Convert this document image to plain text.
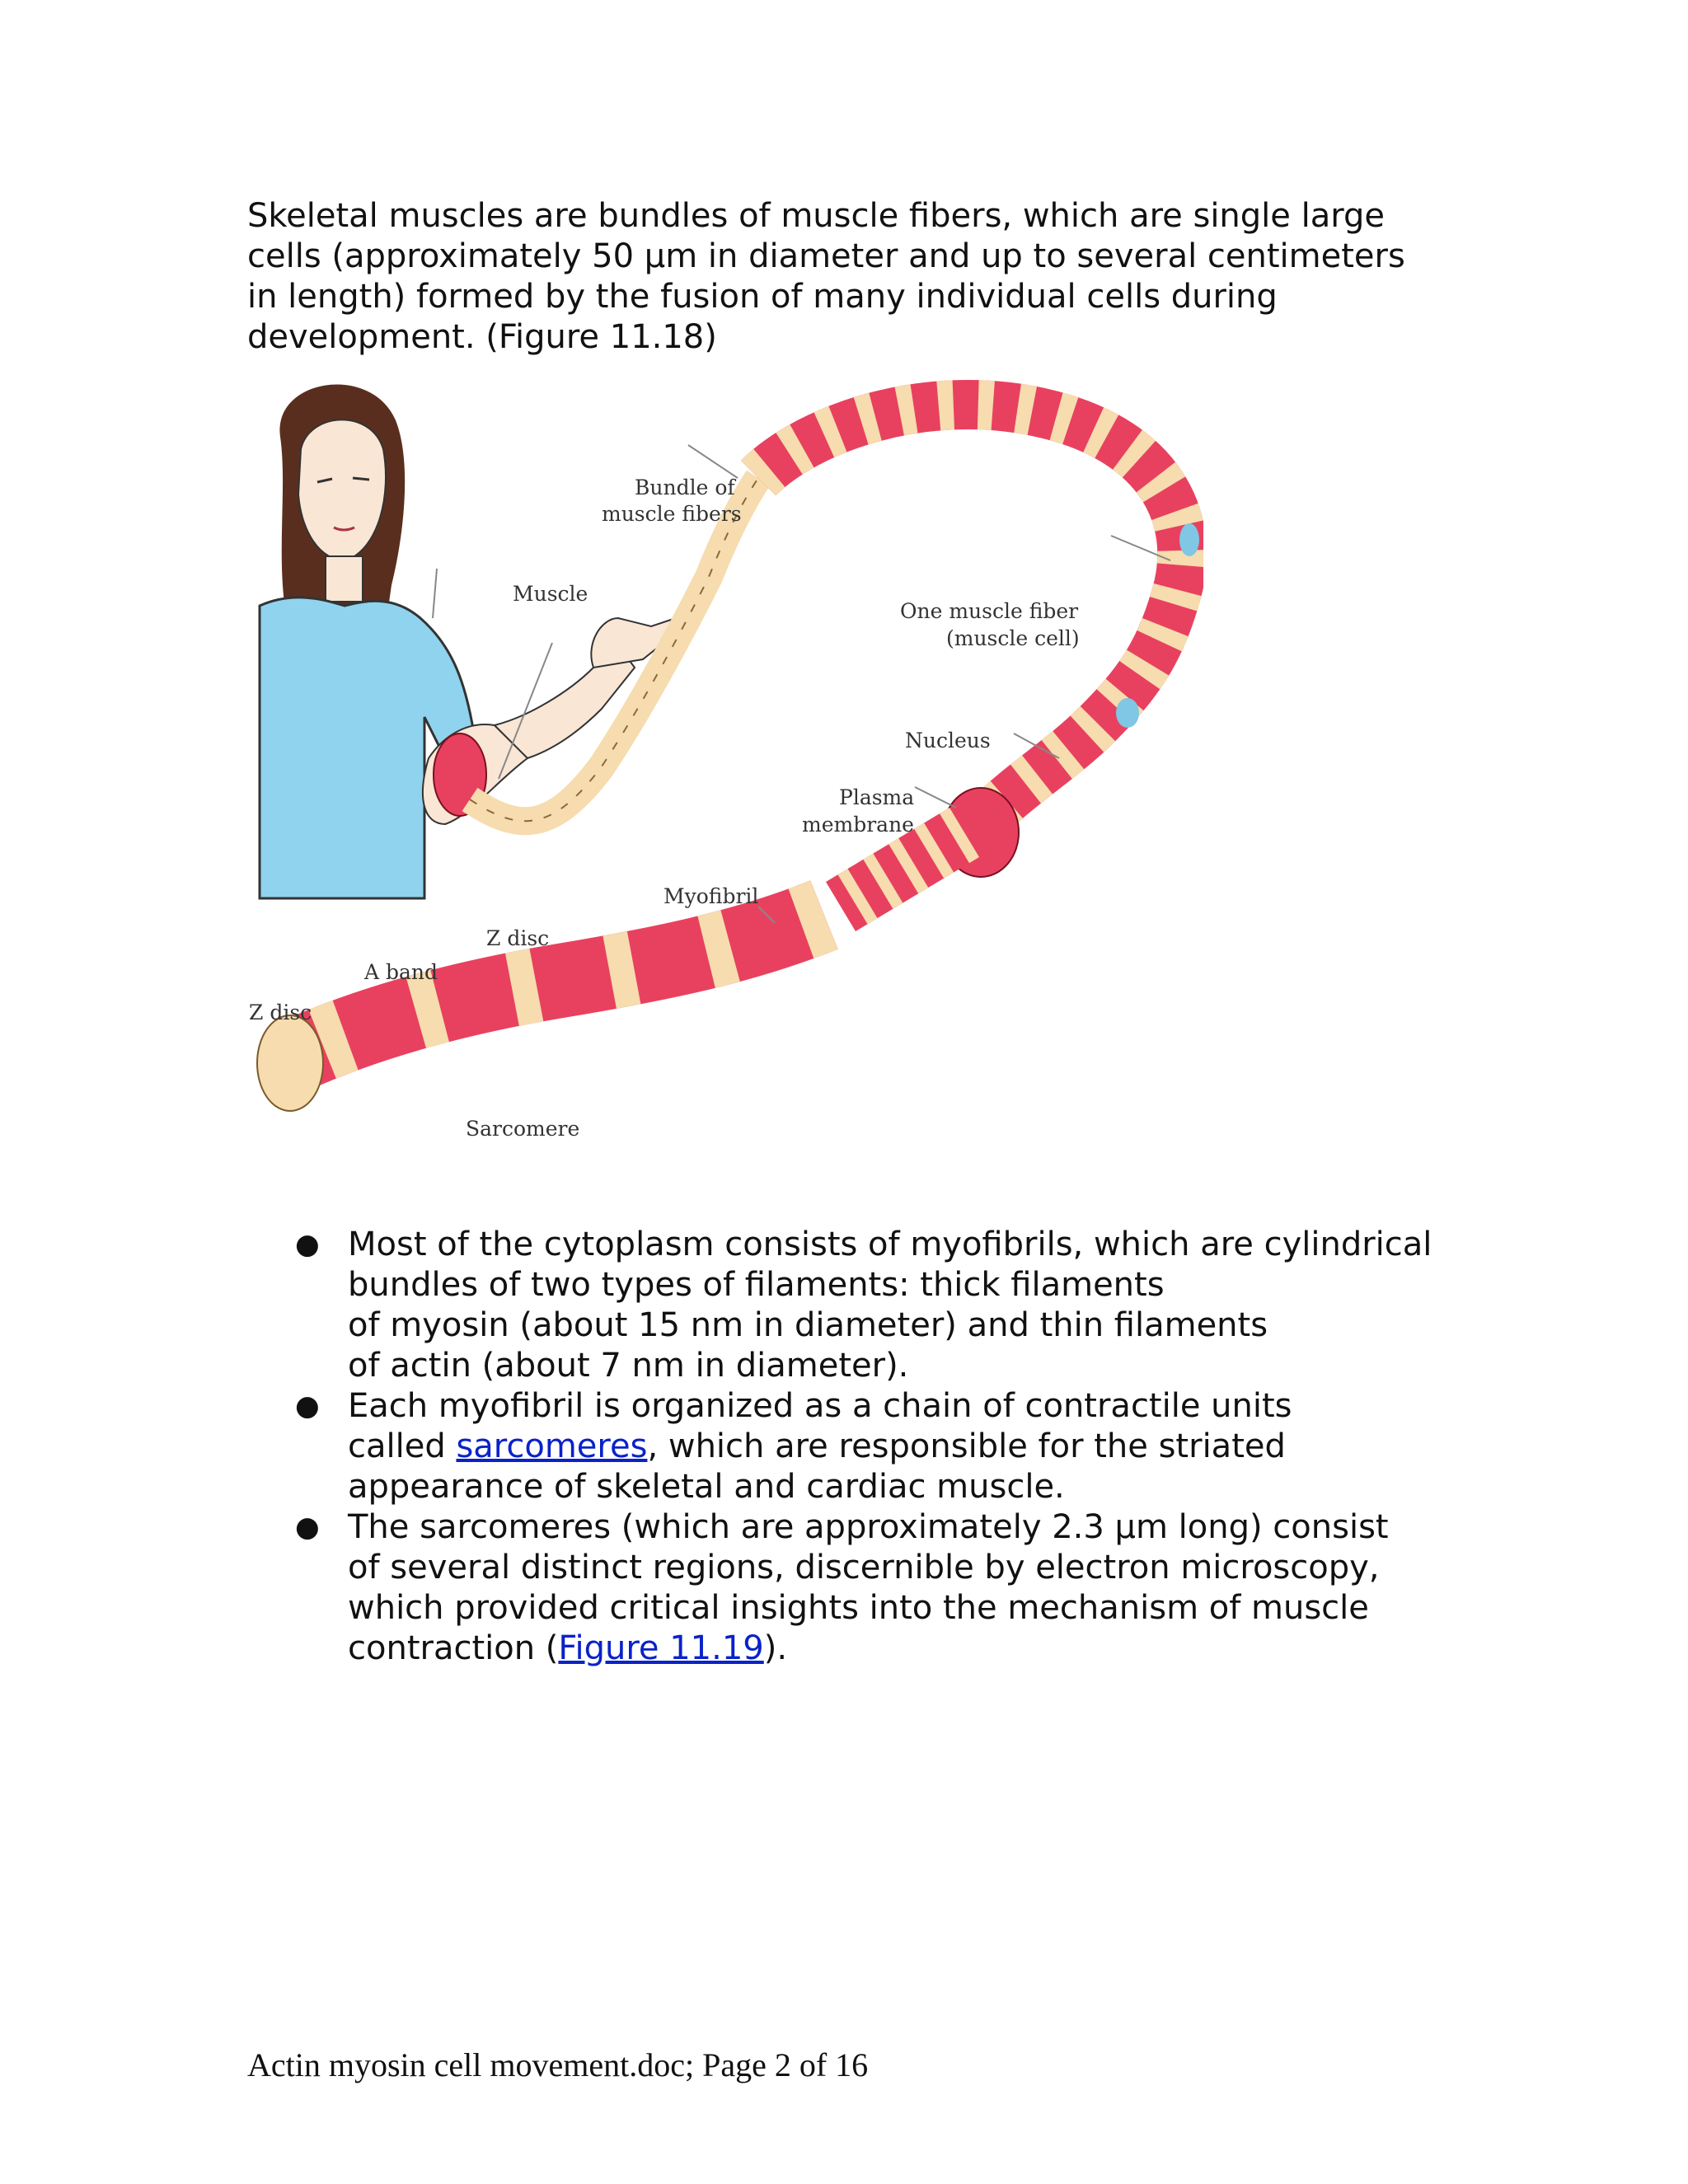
Skeletal muscles are bundles of muscle fibers, which are single large
cells (approximately 50 µm in diameter and up to several centimeters
in length) formed by the fusion of many individual cells during
development. (Figure 11.18)

Bundle of
muscle fibers
Muscle
One muscle fiber
(muscle cell)
Nucleus
Plasma
membrane
Myofibril
Z disc
A band
Z disc
Sarcomere
● Most of the cytoplasm consists of myofibrils, which are cylindrical
bundles of two types of filaments: thick filaments
of myosin (about 15 nm in diameter) and thin filaments
of actin (about 7 nm in diameter).
● Each myofibril is organized as a chain of contractile units
called sarcomeres, which are responsible for the striated
appearance of skeletal and cardiac muscle.
● The sarcomeres (which are approximately 2.3 µm long) consist
of several distinct regions, discernible by electron microscopy,
which provided critical insights into the mechanism of muscle
contraction (Figure 11.19).
Actin myosin cell movement.doc; Page 2 of 16
